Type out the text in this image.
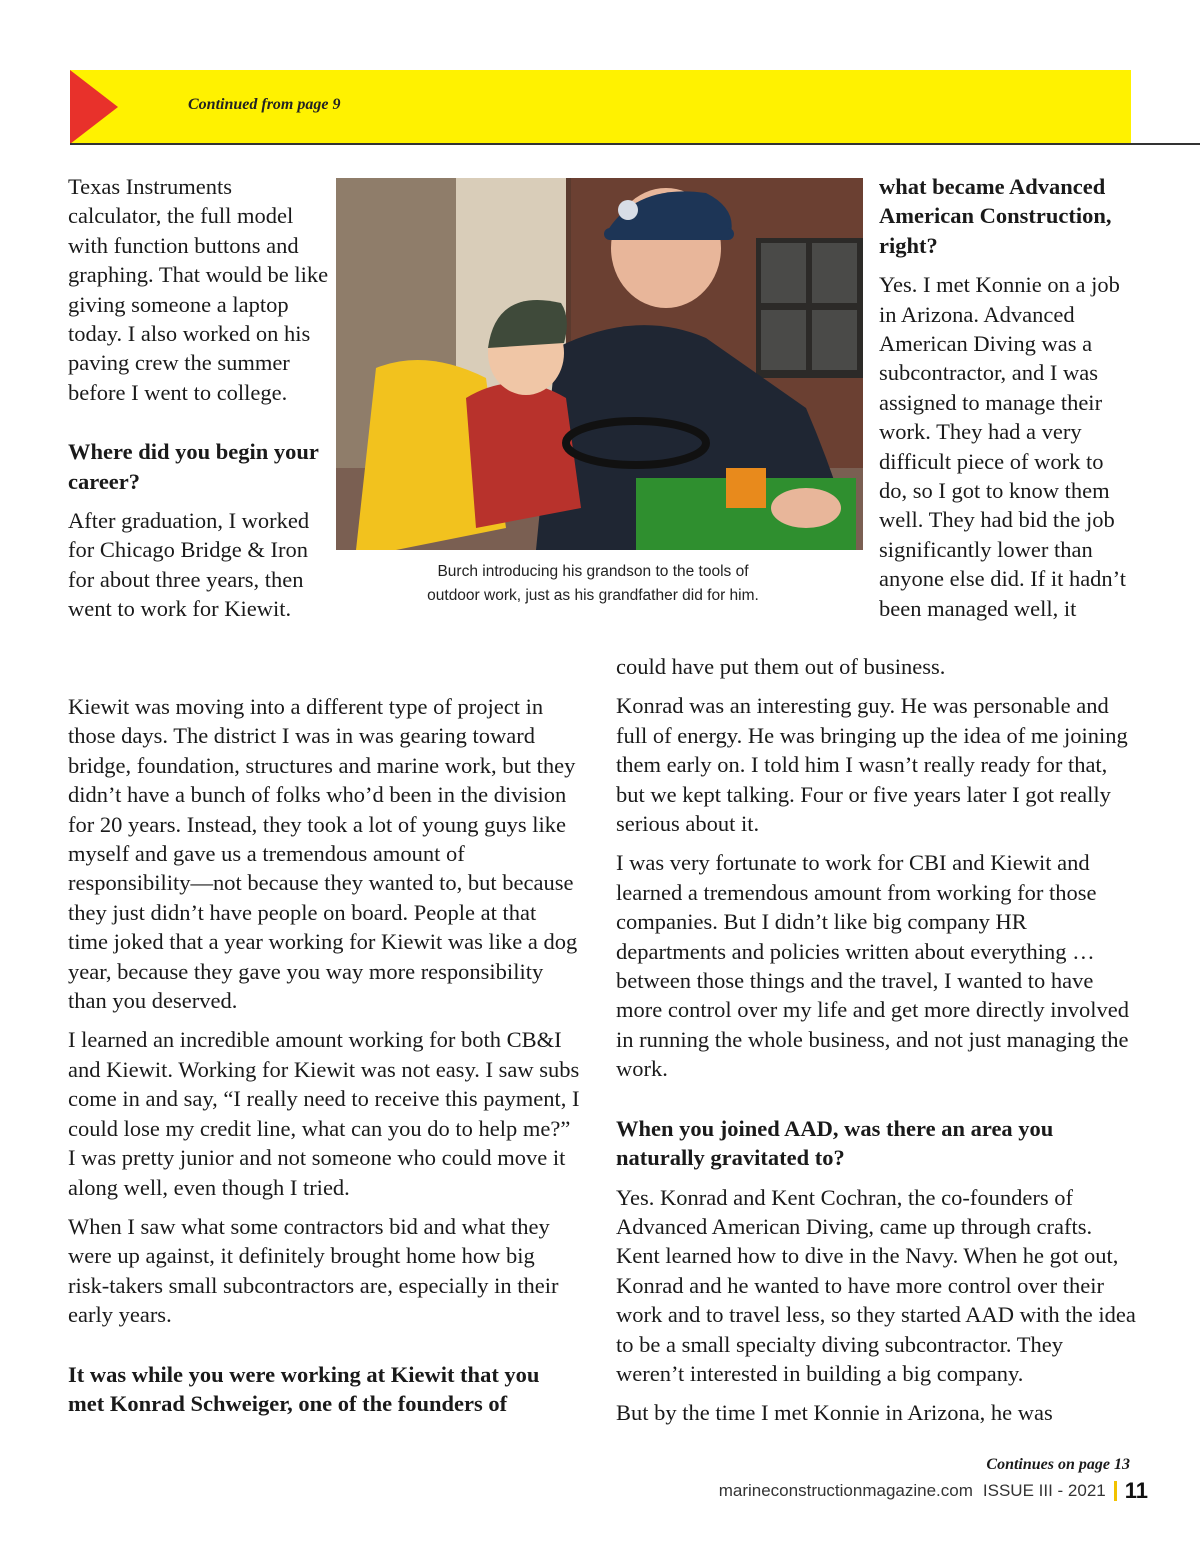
Continued from page 9

Texas Instruments calculator, the full model with function buttons and graphing. That would be like giving someone a laptop today. I also worked on his paving crew the summer before I went to college.

Where did you begin your career?

After graduation, I worked for Chicago Bridge & Iron for about three years, then went to work for Kiewit.

Burch introducing his grandson to the tools of
outdoor work, just as his grandfather did for him.

what became Advanced American Construction, right?

Yes. I met Konnie on a job in Arizona. Advanced American Diving was a subcontractor, and I was assigned to manage their work. They had a very difficult piece of work to do, so I got to know them well. They had bid the job significantly lower than anyone else did. If it hadn’t been managed well, it

Kiewit was moving into a different type of project in those days. The district I was in was gearing toward bridge, foundation, structures and marine work, but they didn’t have a bunch of folks who’d been in the division for 20 years. Instead, they took a lot of young guys like myself and gave us a tremendous amount of responsibility—not because they wanted to, but because they just didn’t have people on board. People at that time joked that a year working for Kiewit was like a dog year, because they gave you way more responsibility than you deserved.

I learned an incredible amount working for both CB&I and Kiewit. Working for Kiewit was not easy. I saw subs come in and say, “I really need to receive this payment, I could lose my credit line, what can you do to help me?” I was pretty junior and not someone who could move it along well, even though I tried.

When I saw what some contractors bid and what they were up against, it definitely brought home how big risk-takers small subcontractors are, especially in their early years.

It was while you were working at Kiewit that you met Konrad Schweiger, one of the founders of

could have put them out of business.

Konrad was an interesting guy. He was personable and full of energy. He was bringing up the idea of me joining them early on. I told him I wasn’t really ready for that, but we kept talking. Four or five years later I got really serious about it.

I was very fortunate to work for CBI and Kiewit and learned a tremendous amount from working for those companies. But I didn’t like big company HR departments and policies written about everything … between those things and the travel, I wanted to have more control over my life and get more directly involved in running the whole business, and not just managing the work.

When you joined AAD, was there an area you naturally gravitated to?

Yes. Konrad and Kent Cochran, the co-founders of Advanced American Diving, came up through crafts. Kent learned how to dive in the Navy. When he got out, Konrad and he wanted to have more control over their work and to travel less, so they started AAD with the idea to be a small specialty diving subcontractor. They weren’t interested in building a big company.

But by the time I met Konnie in Arizona, he was

Continues on page 13
marineconstructionmagazine.com ISSUE III - 2021 11
